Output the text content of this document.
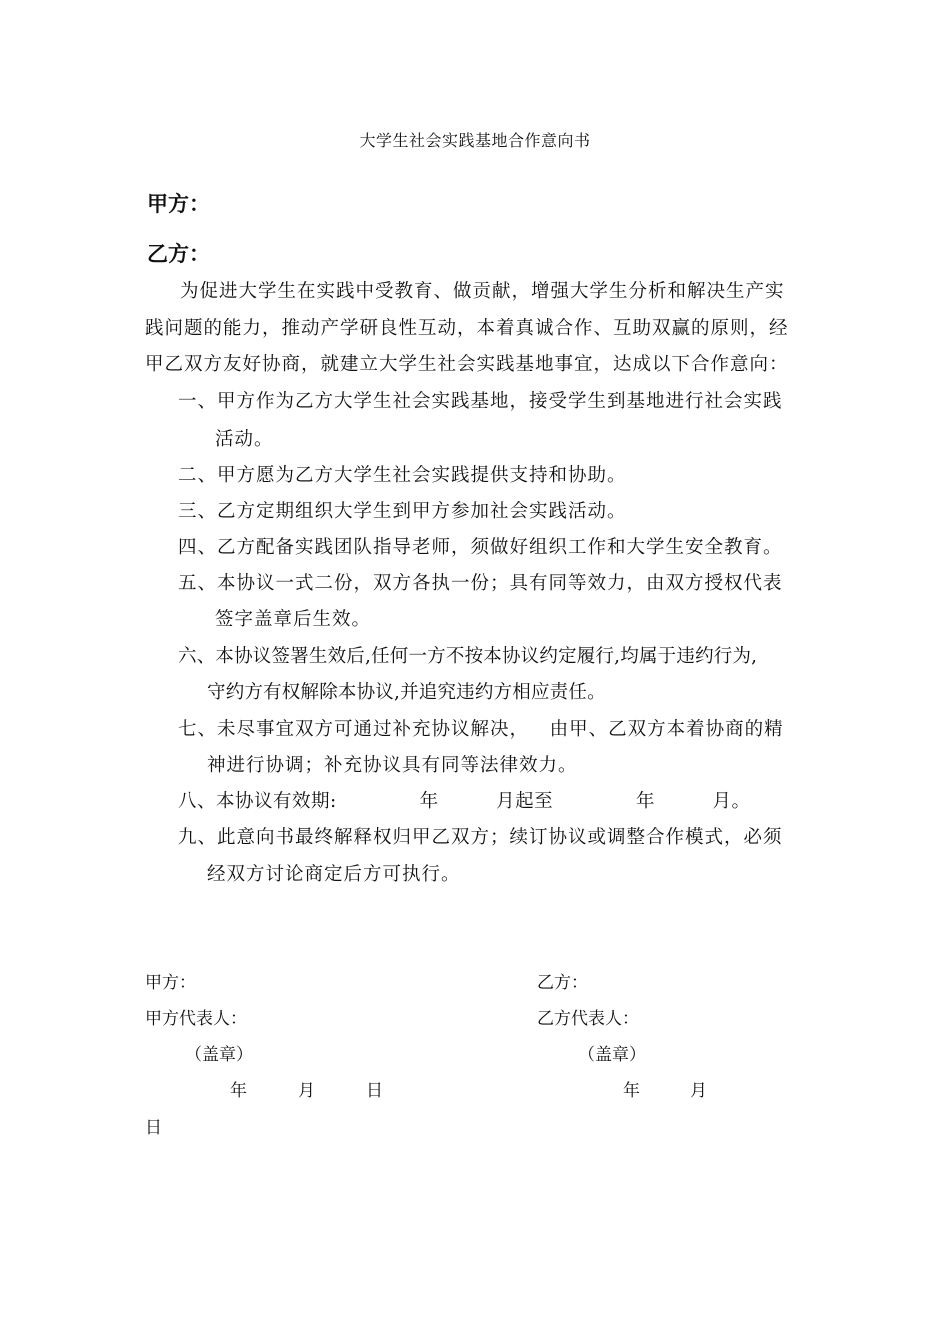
大学生社会实践基地合作意向书
甲方：
乙方：
为促进大学生在实践中受教育、做贡献，增强大学生分析和解决生产实
践问题的能力，推动产学研良性互动，本着真诚合作、互助双赢的原则，经
甲乙双方友好协商，就建立大学生社会实践基地事宜，达成以下合作意向：
一、甲方作为乙方大学生社会实践基地，接受学生到基地进行社会实践
活动。
二、甲方愿为乙方大学生社会实践提供支持和协助。
三、乙方定期组织大学生到甲方参加社会实践活动。
四、乙方配备实践团队指导老师，须做好组织工作和大学生安全教育。
五、本协议一式二份，双方各执一份；具有同等效力，由双方授权代表
签字盖章后生效。
六、本协议签署生效后,任何一方不按本协议约定履行,均属于违约行为,
守约方有权解除本协议,并追究违约方相应责任。
七、未尽事宜双方可通过补充协议解决，   由甲、乙双方本着协商的精
神进行协调；补充协议具有同等法律效力。
八、本协议有效期:             年         月起至             年         月。
九、此意向书最终解释权归甲乙双方；续订协议或调整合作模式，必须
经双方讨论商定后方可执行。
甲方：	乙方：
甲方代表人：	乙方代表人：
（盖章）	（盖章）
年	月	日	年	月
日
